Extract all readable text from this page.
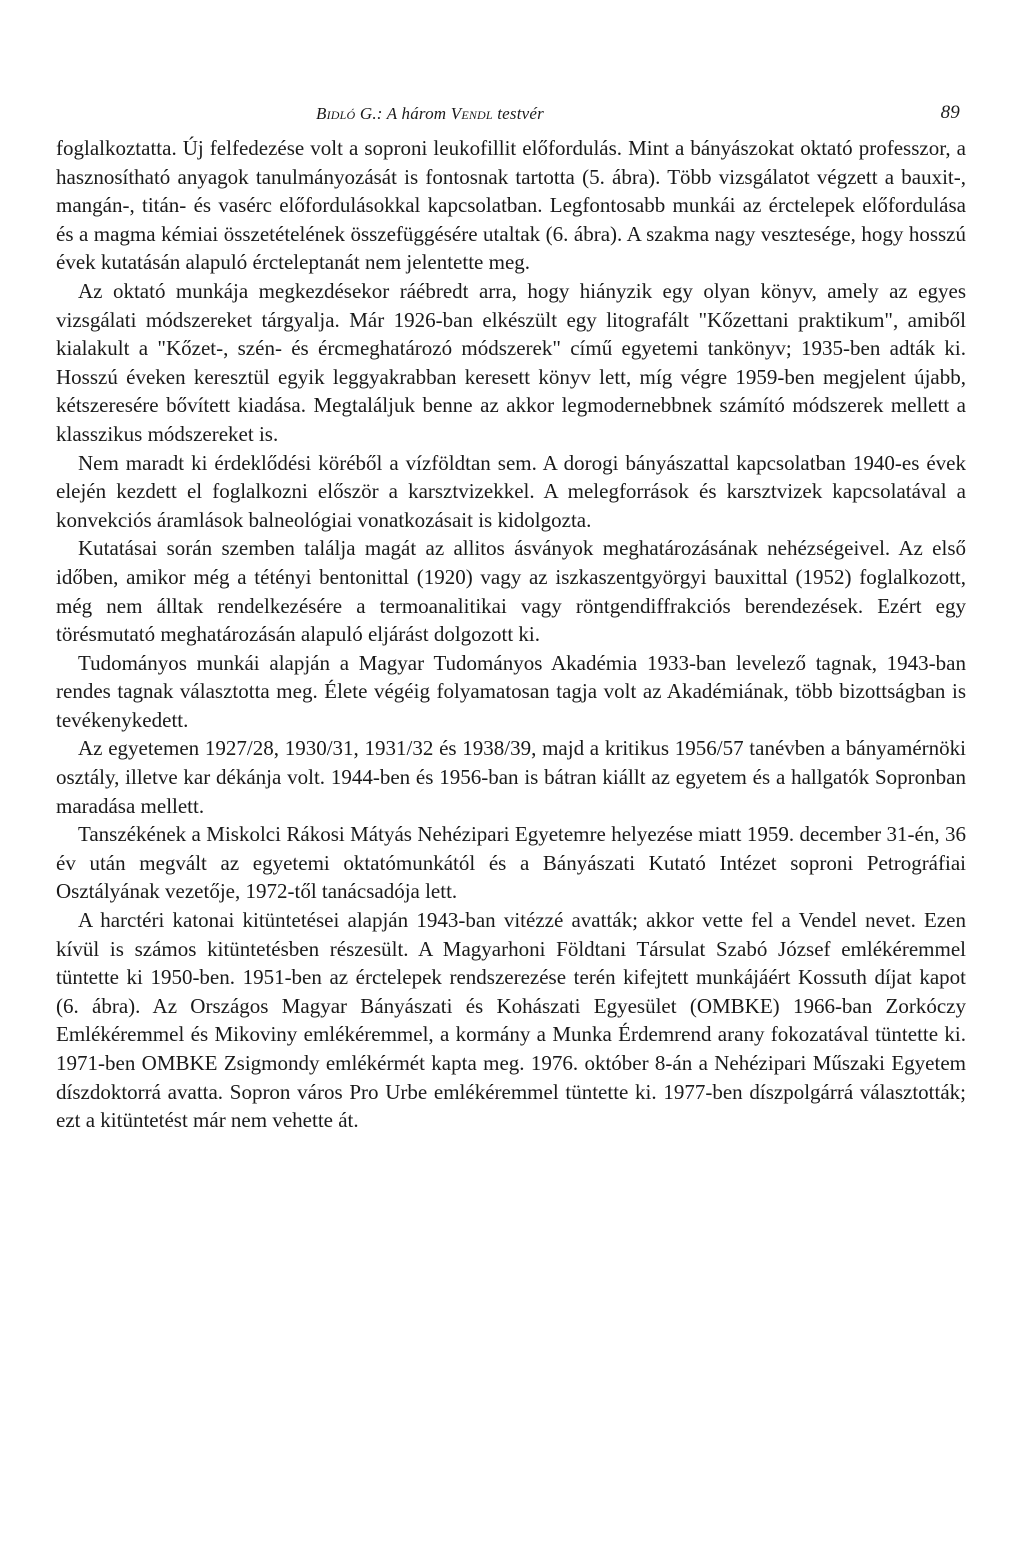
Bidló G.: A három Vendl testvér	89

foglalkoztatta. Új felfedezése volt a soproni leukofillit előfordulás. Mint a bányászokat oktató professzor, a hasznosítható anyagok tanulmányozását is fontosnak tartotta (5. ábra). Több vizsgálatot végzett a bauxit-, mangán-, titán- és vasérc előfordulásokkal kapcsolatban. Legfontosabb munkái az érctelepek előfordulása és a magma kémiai összetételének összefüggésére utaltak (6. ábra). A szakma nagy vesztesége, hogy hosszú évek kutatásán alapuló ércteleptanát nem jelentette meg.

Az oktató munkája megkezdésekor ráébredt arra, hogy hiányzik egy olyan könyv, amely az egyes vizsgálati módszereket tárgyalja. Már 1926-ban elkészült egy litografált "Kőzettani praktikum", amiből kialakult a "Kőzet-, szén- és ércmeghatározó módszerek" című egyetemi tankönyv; 1935-ben adták ki. Hosszú éveken keresztül egyik leggyakrabban keresett könyv lett, míg végre 1959-ben megjelent újabb, kétszeresére bővített kiadása. Megtaláljuk benne az akkor legmodernebbnek számító módszerek mellett a klasszikus módszereket is.

Nem maradt ki érdeklődési köréből a vízföldtan sem. A dorogi bányászattal kapcsolatban 1940-es évek elején kezdett el foglalkozni először a karsztvizekkel. A melegforrások és karsztvizek kapcsolatával a konvekciós áramlások balneológiai vonatkozásait is kidolgozta.

Kutatásai során szemben találja magát az allitos ásványok meghatározásának nehézségeivel. Az első időben, amikor még a tétényi bentonittal (1920) vagy az iszkaszentgyörgyi bauxittal (1952) foglalkozott, még nem álltak rendelkezésére a termoanalitikai vagy röntgendiffrakciós berendezések. Ezért egy törésmutató meghatározásán alapuló eljárást dolgozott ki.

Tudományos munkái alapján a Magyar Tudományos Akadémia 1933-ban levelező tagnak, 1943-ban rendes tagnak választotta meg. Élete végéig folyamatosan tagja volt az Akadémiának, több bizottságban is tevékenykedett.

Az egyetemen 1927/28, 1930/31, 1931/32 és 1938/39, majd a kritikus 1956/57 tanévben a bányamérnöki osztály, illetve kar dékánja volt. 1944-ben és 1956-ban is bátran kiállt az egyetem és a hallgatók Sopronban maradása mellett.

Tanszékének a Miskolci Rákosi Mátyás Nehézipari Egyetemre helyezése miatt 1959. december 31-én, 36 év után megvált az egyetemi oktatómunkától és a Bányászati Kutató Intézet soproni Petrográfiai Osztályának vezetője, 1972-től tanácsadója lett.

A harctéri katonai kitüntetései alapján 1943-ban vitézzé avatták; akkor vette fel a Vendel nevet. Ezen kívül is számos kitüntetésben részesült. A Magyarhoni Földtani Társulat Szabó József emlékéremmel tüntette ki 1950-ben. 1951-ben az érctelepek rendszerezése terén kifejtett munkájáért Kossuth díjat kapot (6. ábra). Az Országos Magyar Bányászati és Kohászati Egyesület (OMBKE) 1966-ban Zorkóczy Emlékéremmel és Mikoviny emlékéremmel, a kormány a Munka Érdemrend arany fokozatával tüntette ki. 1971-ben OMBKE Zsigmondy emlékérmét kapta meg. 1976. október 8-án a Nehézipari Műszaki Egyetem díszdoktorrá avatta. Sopron város Pro Urbe emlékéremmel tüntette ki. 1977-ben díszpolgárrá választották; ezt a kitüntetést már nem vehette át.
